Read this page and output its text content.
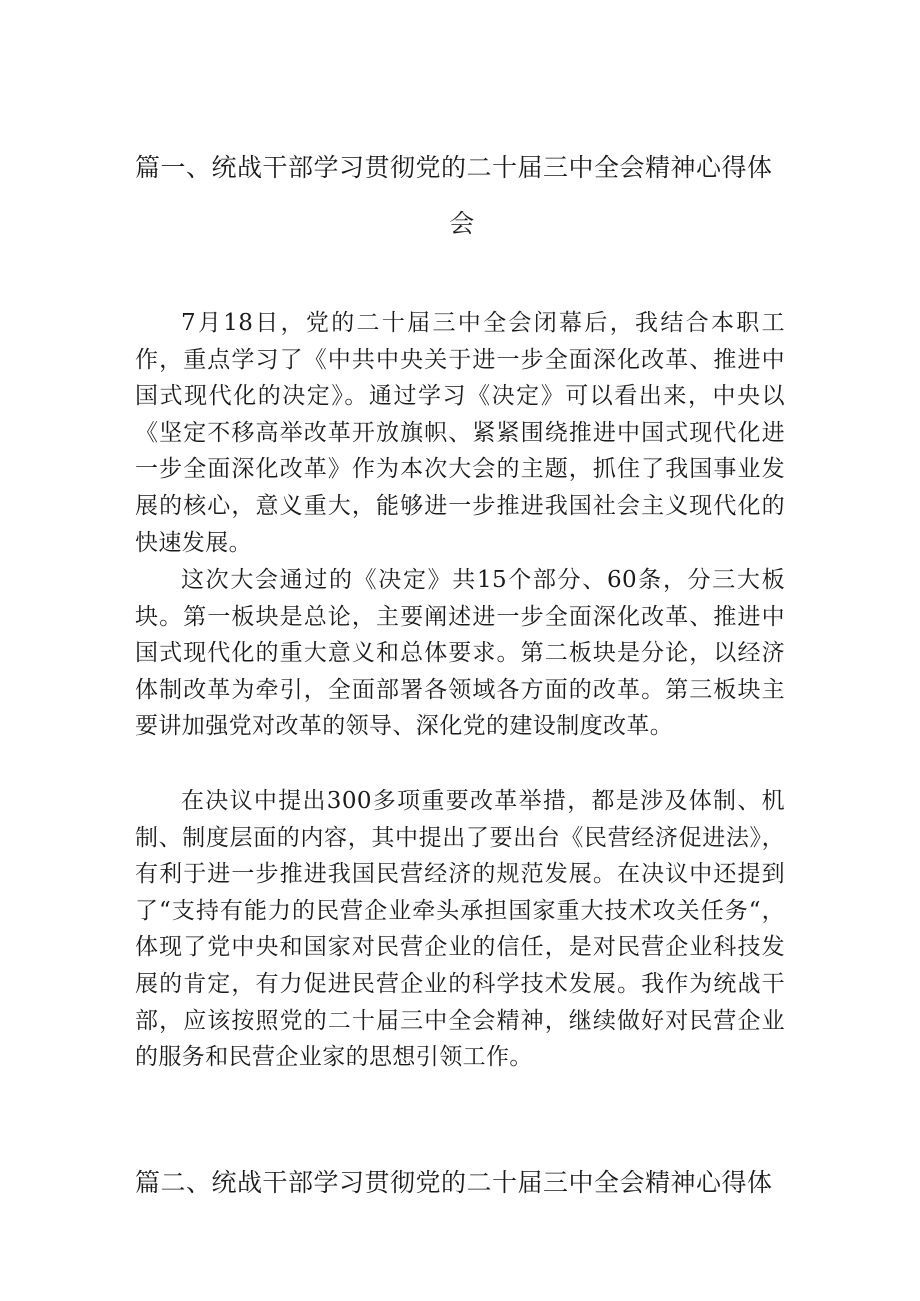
篇一、统战干部学习贯彻党的二十届三中全会精神心得体
会

7月18日，党的二十届三中全会闭幕后，我结合本职工作，重点学习了《中共中央关于进一步全面深化改革、推进中国式现代化的决定》。通过学习《决定》可以看出来，中央以《坚定不移高举改革开放旗帜、紧紧围绕推进中国式现代化进一步全面深化改革》作为本次大会的主题，抓住了我国事业发展的核心，意义重大，能够进一步推进我国社会主义现代化的快速发展。

这次大会通过的《决定》共15个部分、60条，分三大板块。第一板块是总论，主要阐述进一步全面深化改革、推进中国式现代化的重大意义和总体要求。第二板块是分论，以经济体制改革为牵引，全面部署各领域各方面的改革。第三板块主要讲加强党对改革的领导、深化党的建设制度改革。

在决议中提出300多项重要改革举措，都是涉及体制、机制、制度层面的内容，其中提出了要出台《民营经济促进法》，有利于进一步推进我国民营经济的规范发展。在决议中还提到了“支持有能力的民营企业牵头承担国家重大技术攻关任务“，体现了党中央和国家对民营企业的信任，是对民营企业科技发展的肯定，有力促进民营企业的科学技术发展。我作为统战干部，应该按照党的二十届三中全会精神，继续做好对民营企业的服务和民营企业家的思想引领工作。

篇二、统战干部学习贯彻党的二十届三中全会精神心得体
